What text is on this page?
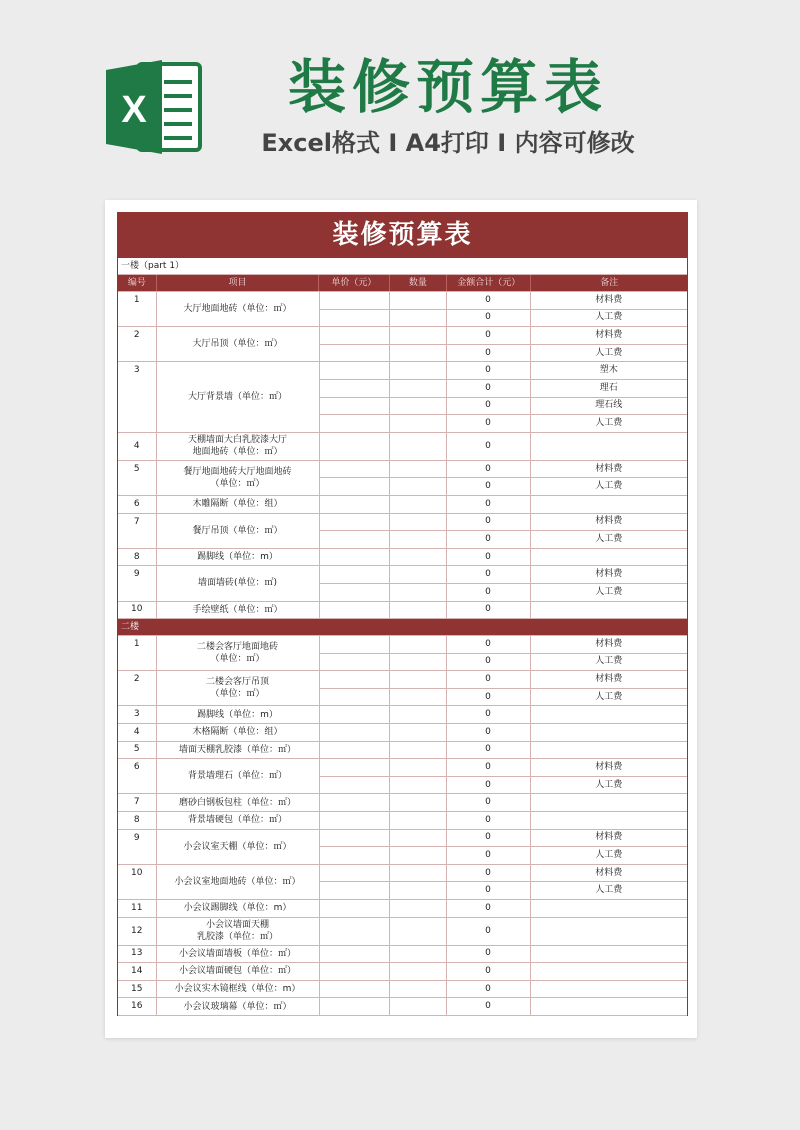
X	装修预算表
Excel格式 I A4打印 I 内容可修改
装修预算表
一楼（part 1）
编号	项目	单价（元）	数量	金额合计（元）	备注
1	大厅地面地砖（单位：㎡）			0	材料费
				0	人工费
2	大厅吊顶（单位：㎡）			0	材料费
				0	人工费
3	大厅背景墙（单位：㎡）			0	塑木
				0	理石
				0	理石线
				0	人工费
4	天棚墙面大白乳胶漆大厅
地面地砖（单位：㎡）			0	
5	餐厅地面地砖大厅地面地砖
（单位：㎡）			0	材料费
				0	人工费
6	木雕隔断（单位：组）			0	
7	餐厅吊顶（单位：㎡）			0	材料费
				0	人工费
8	踢脚线（单位：m）			0	
9	墙面墙砖(单位：㎡)			0	材料费
				0	人工费
10	手绘壁纸（单位：㎡）			0	
二楼
1	二楼会客厅地面地砖
（单位：㎡）			0	材料费
				0	人工费
2	二楼会客厅吊顶
（单位：㎡）			0	材料费
				0	人工费
3	踢脚线（单位：m）			0	
4	木格隔断（单位：组）			0	
5	墙面天棚乳胶漆（单位：㎡）			0	
6	背景墙理石（单位：㎡）			0	材料费
				0	人工费
7	磨砂白钢板包柱（单位：㎡）			0	
8	背景墙硬包（单位：㎡）			0	
9	小会议室天棚（单位：㎡）			0	材料费
				0	人工费
10	小会议室地面地砖（单位：㎡）			0	材料费
				0	人工费
11	小会议踢脚线（单位：m）			0	
12	小会议墙面天棚
乳胶漆（单位：㎡）			0	
13	小会议墙面墙板（单位：㎡）			0	
14	小会议墙面硬包（单位：㎡）			0	
15	小会议实木镜框线（单位：m）			0	
16	小会议玻璃幕（单位：㎡）			0	
